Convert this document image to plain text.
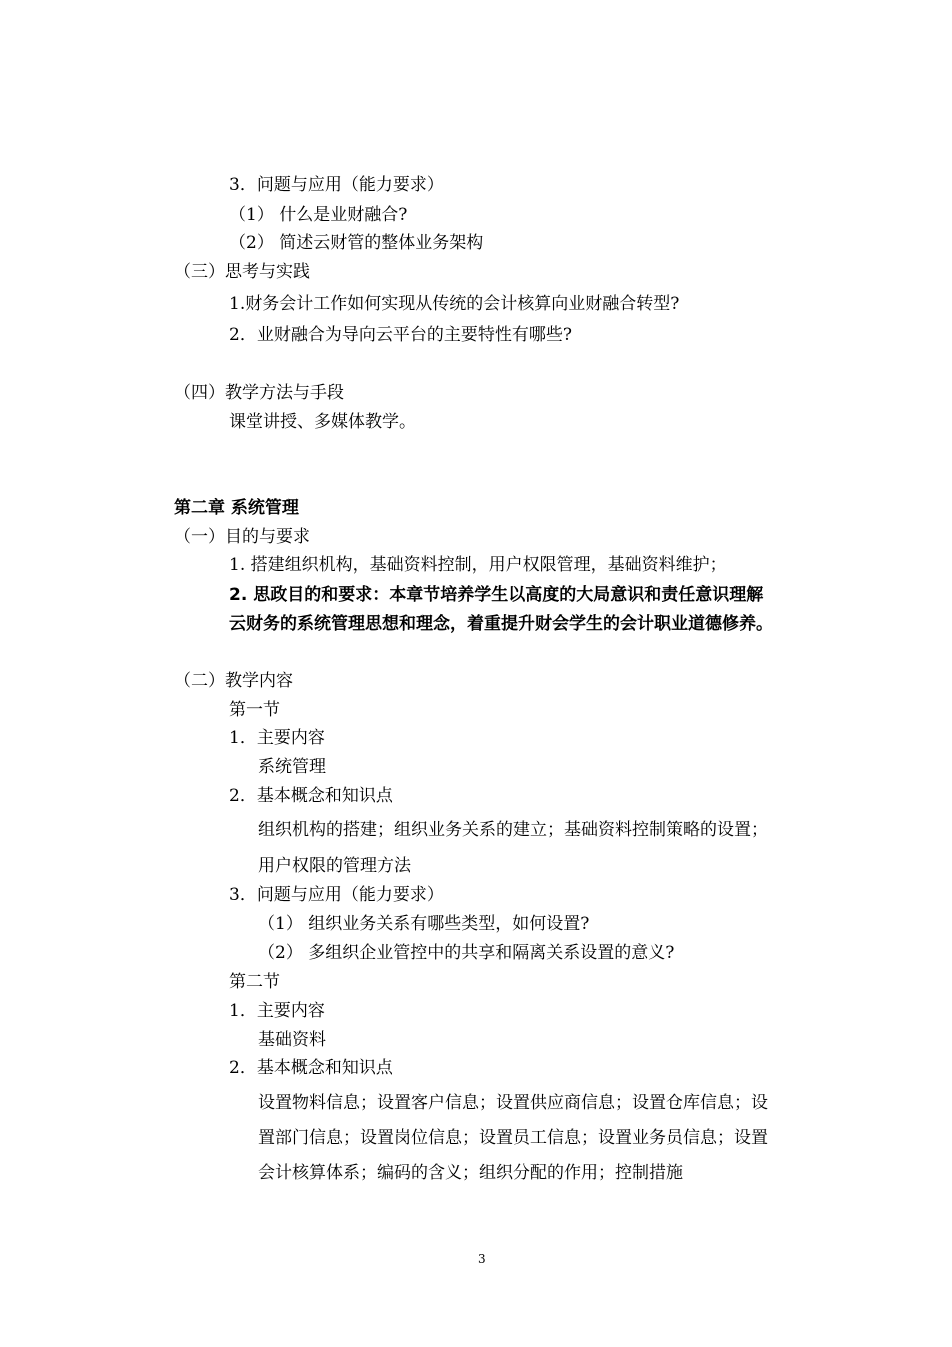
3．问题与应用（能力要求）
（1） 什么是业财融合?
（2） 简述云财管的整体业务架构
（三）思考与实践
1.财务会计工作如何实现从传统的会计核算向业财融合转型?
2．业财融合为导向云平台的主要特性有哪些?
（四）教学方法与手段
课堂讲授、多媒体教学。
第二章 系统管理
（一）目的与要求
1. 搭建组织机构，基础资料控制，用户权限管理，基础资料维护；
2. 思政目的和要求：本章节培养学生以高度的大局意识和责任意识理解
云财务的系统管理思想和理念，着重提升财会学生的会计职业道德修养。
（二）教学内容
第一节
1．主要内容
系统管理
2．基本概念和知识点
组织机构的搭建；组织业务关系的建立；基础资料控制策略的设置；
用户权限的管理方法
3．问题与应用（能力要求）
（1） 组织业务关系有哪些类型，如何设置?
（2） 多组织企业管控中的共享和隔离关系设置的意义?
第二节
1．主要内容
基础资料
2．基本概念和知识点
设置物料信息；设置客户信息；设置供应商信息；设置仓库信息；设
置部门信息；设置岗位信息；设置员工信息；设置业务员信息；设置
会计核算体系；编码的含义；组织分配的作用；控制措施
3
